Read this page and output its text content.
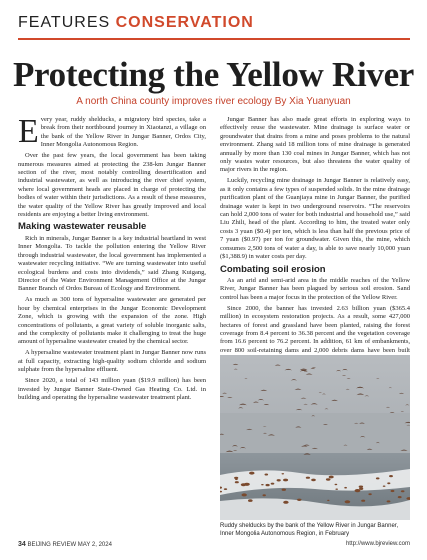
FEATURES CONSERVATION
Protecting the Yellow River
A north China county improves river ecology By Xia Yuanyuan

Every year, ruddy shelducks, a migratory bird species, take a break from their northbound journey in Xiaotanzi, a village on the bank of the Yellow River in Jungar Banner, Ordos City, Inner Mongolia Autonomous Region.

Over the past few years, the local government has been taking numerous measures aimed at protecting the 238-km Jungar Banner section of the river, most notably controlling desertification and industrial wastewater, as well as introducing the river chief system, where local government heads are placed in charge of protecting the bodies of water within their jurisdictions. As a result of these measures, the water quality of the Yellow River has greatly improved and local residents are enjoying a better living environment.

Making wastewater reusable

Rich in minerals, Jungar Banner is a key industrial heartland in west Inner Mongolia. To tackle the pollution entering the Yellow River through industrial wastewater, the local government has implemented a wastewater recycling initiative. “We are turning wastewater into useful ecological burdens and costs into dividends,” said Zhang Kuigang, Director of the Water Environment Management Office at the Jungar Banner Branch of Ordos Bureau of Ecology and Environment.

As much as 300 tons of hypersaline wastewater are generated per hour by chemical enterprises in the Jungar Economic Development Zone, which is growing with the expansion of the zone. High concentrations of pollutants, a great variety of soluble inorganic salts, and the complexity of pollutants make it challenging to treat the huge amount of hypersaline wastewater created by the chemical sector.

A hypersaline wastewater treatment plant in Jungar Banner now runs at full capacity, extracting high-quality sodium chloride and sodium sulphate from the hypersaline effluent.

Since 2020, a total of 143 million yuan ($19.9 million) has been invested by Jungar Banner State-Owned Gas Heating Co. Ltd. in building and operating the hypersaline wastewater treatment plant.

Jungar Banner has also made great efforts in exploring ways to effectively reuse the wastewater. Mine drainage is surface water or groundwater that drains from a mine and poses problems to the natural environment. Zhang said 18 million tons of mine drainage is generated annually by more than 130 coal mines in Jungar Banner, which has not only wastes water resources, but also threatens the water quality of major rivers in the region.

Luckily, recycling mine drainage in Jungar Banner is relatively easy, as it only contains a few types of suspended solids. In the mine drainage purification plant of the Guanjiaya mine in Jungar Banner, the purified drainage water is kept in two underground reservoirs. “The reservoirs can hold 2,000 tons of water for both industrial and household use,” said Liu Zhili, head of the plant. According to him, the treated water only costs 3 yuan ($0.4) per ton, which is less than half the previous price of 7 yuan ($0.97) per ton for groundwater. Given this, the mine, which consumes 2,500 tons of water a day, is able to save nearly 10,000 yuan ($1,388.9) in water costs per day.

Combating soil erosion

As an arid and semi-arid area in the middle reaches of the Yellow River, Jungar Banner has been plagued by serious soil erosion. Sand control has been a major focus in the protection of the Yellow River.

Since 2000, the banner has invested 2.63 billion yuan ($365.4 million) in ecosystem restoration projects. As a result, some 427,000 hectares of forest and grassland have been planted, raising the forest coverage from 8.4 percent to 36.38 percent and the vegetation coverage from 16.6 percent to 76.2 percent. In addition, 61 km of embankments, over 800 soil-retaining dams and 2,000 debris dams have been built

Ruddy shelducks by the bank of the Yellow River in Jungar Banner, Inner Mongolia Autonomous Region, in February
34 BEIJING REVIEW MAY 2, 2024	http://www.bjreview.com
